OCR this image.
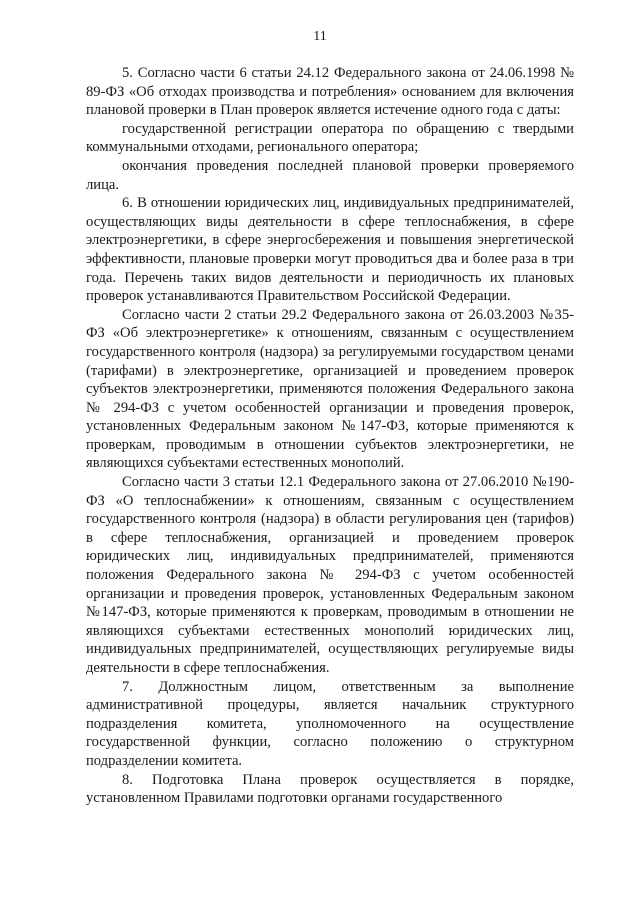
11

5. Согласно части 6 статьи 24.12 Федерального закона от 24.06.1998 № 89-ФЗ «Об отходах производства и потребления» основанием для включения плановой проверки в План проверок является истечение одного года с даты:

государственной регистрации оператора по обращению с твердыми коммунальными отходами, регионального оператора;

окончания проведения последней плановой проверки проверяемого лица.

6. В отношении юридических лиц, индивидуальных предпринимателей, осуществляющих виды деятельности в сфере теплоснабжения, в сфере электроэнергетики, в сфере энергосбережения и повышения энергетической эффективности, плановые проверки могут проводиться два и более раза в три года. Перечень таких видов деятельности и периодичность их плановых проверок устанавливаются Правительством Российской Федерации.

Согласно части 2 статьи 29.2 Федерального закона от 26.03.2003 №35-ФЗ «Об электроэнергетике» к отношениям, связанным с осуществлением государственного контроля (надзора) за регулируемыми государством ценами (тарифами) в электроэнергетике, организацией и проведением проверок субъектов электроэнергетики, применяются положения Федерального закона № 294-ФЗ с учетом особенностей организации и проведения проверок, установленных Федеральным законом №147-ФЗ, которые применяются к проверкам, проводимым в отношении субъектов электроэнергетики, не являющихся субъектами естественных монополий.

Согласно части 3 статьи 12.1 Федерального закона от 27.06.2010 №190-ФЗ «О теплоснабжении» к отношениям, связанным с осуществлением государственного контроля (надзора) в области регулирования цен (тарифов) в сфере теплоснабжения, организацией и проведением проверок юридических лиц, индивидуальных предпринимателей, применяются положения Федерального закона № 294-ФЗ с учетом особенностей организации и проведения проверок, установленных Федеральным законом №147-ФЗ, которые применяются к проверкам, проводимым в отношении не являющихся субъектами естественных монополий юридических лиц, индивидуальных предпринимателей, осуществляющих регулируемые виды деятельности в сфере теплоснабжения.

7. Должностным лицом, ответственным за выполнение административной процедуры, является начальник структурного подразделения комитета, уполномоченного на осуществление государственной функции, согласно положению о структурном подразделении комитета.

8. Подготовка Плана проверок осуществляется в порядке, установленном Правилами подготовки органами государственного
